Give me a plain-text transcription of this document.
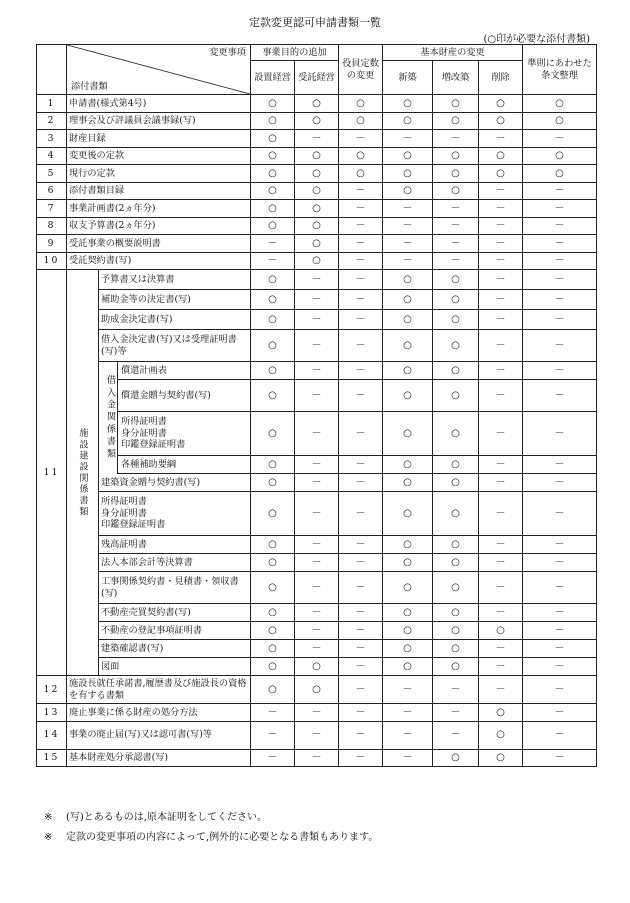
定款変更認可申請書類一覧
(○印が必要な添付書類)

	変更事項
添付書類		事業目的の追加		役員定数の変更	基本財産の変更			準則にあわせた条文整理
			設置経営	受託経営		新築	増改築	削除	
1	申請書(様式第4号)		○	○	○	○	○	○	○
2	理事会及び評議員会議事録(写)		○	○	○	○	○	○	○
3	財産目録		○	－	－	－	－	－	－
4	変更後の定款		○	○	○	○	○	○	○
5	現行の定款		○	○	○	○	○	○	○
6	添付書類目録		○	○	－	○	○	－	－
7	事業計画書(2ヵ年分)		○	○	－	－	－	－	－
8	収支予算書(2ヵ年分)		○	○	－	－	－	－	－
9	受託事業の概要説明書		－	○	－	－	－	－	－
10	受託契約書(写)		－	○	－	－	－	－	－
11	施設建設関係書類	予算書又は決算書	○	－	－	○	○	－	－
		補助金等の決定書(写)	○	－	－	○	○	－	－
		助成金決定書(写)	○	－	－	○	○	－	－
		借入金決定書(写)又は受理証明書(写)等	○	－	－	○	○	－	－
		償還計画表	○	－	－	○	○	－	－
		償還金贈与契約書(写)	○	－	－	○	○	－	－
		所得証明書
身分証明書
印鑑登録証明書	○	－	－	○	○	－	－
		各種補助要綱	○	－	－	○	○	－	－
		建築資金贈与契約書(写)	○	－	－	○	○	－	－
		所得証明書
身分証明書
印鑑登録証明書	○	－	－	○	○	－	－
		残高証明書	○	－	－	○	○	－	－
		法人本部会計等決算書	○	－	－	○	○	－	－
		工事関係契約書・見積書・領収書(写)	○	－	－	○	○	－	－
		不動産売買契約書(写)	○	－	－	○	○	－	－
		不動産の登記事項証明書	○	－	－	○	○	○	－
		建築確認書(写)	○	－	－	○	○	－	－
		図面	○	○	－	○	○	－	－
12	施設長就任承諾書,履歴書及び施設長の資格を有する書類		○	○	－	－	－	－	－
13	廃止事業に係る財産の処分方法		－	－	－	－	－	○	－
14	事業の廃止届(写)又は認可書(写)等		－	－	－	－	－	○	－
15	基本財産処分承認書(写)		－	－	－	－	○	○	－
※ (写)とあるものは,原本証明をしてください。
※ 定款の変更事項の内容によって,例外的に必要となる書類もあります。
借入金関係書類
